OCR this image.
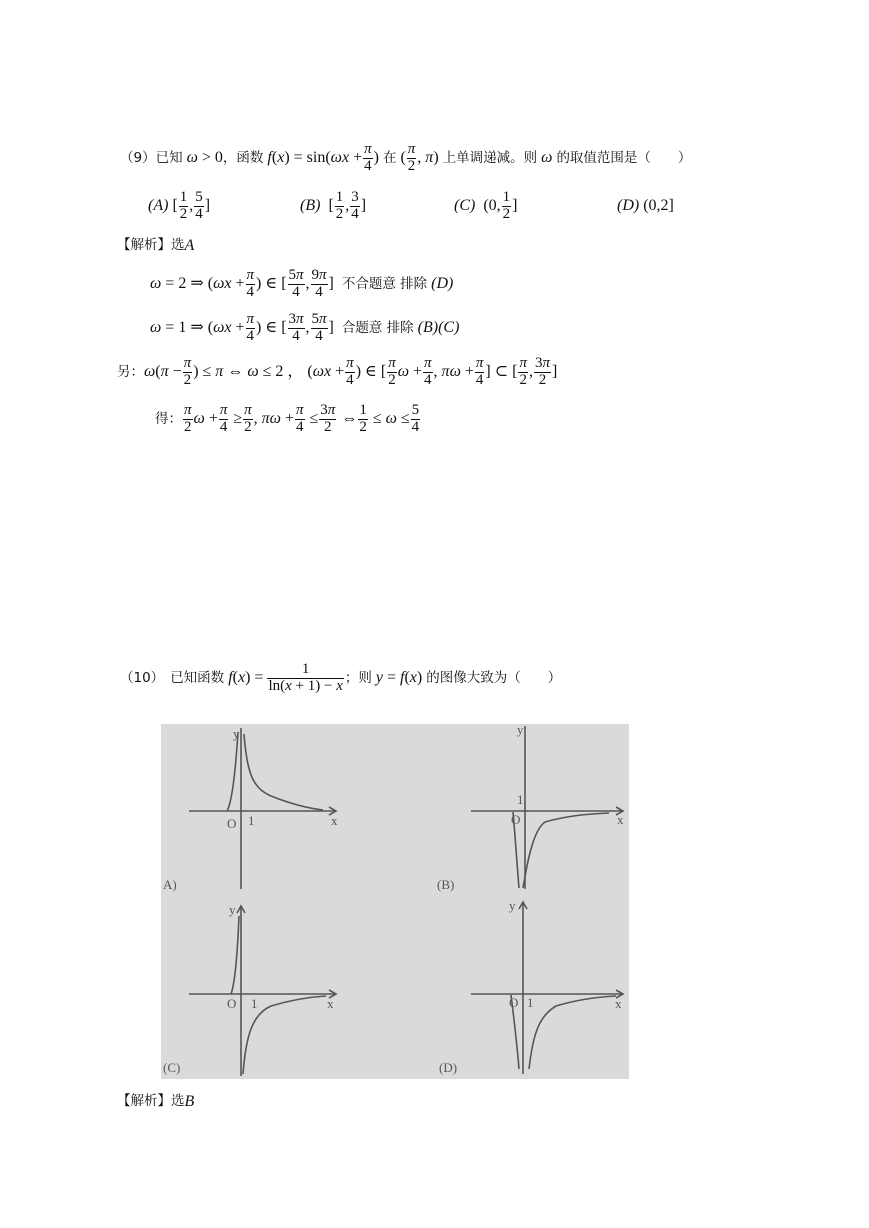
（9） 已知 ω > 0 ，函数 $f(x) = \sin(\omega x + \frac{\pi}{4}$ ) 在 ( $\frac{\pi}{2}$ , π) 上单调递减。则 ω 的取值范围是（　　）
(A) [ $\frac{1}{2}$ , $\frac{5}{4}$ ]	(B) [ $\frac{1}{2}$ , $\frac{3}{4}$ ]	(C) (0, $\frac{1}{2}$ ]	(D) (0,2]
【解析】选 A
ω = 2 ⇒ ($\omega x + \frac{\pi}{4}$ ) ∈ [ $\frac{5\pi}{4}$ , $\frac{9\pi}{4}$ ] 不合题意 排除 (D)
ω = 1 ⇒ ($\omega x + \frac{\pi}{4}$ ) ∈ [ $\frac{3\pi}{4}$ , $\frac{5\pi}{4}$ ] 合题意 排除 (B)(C)
另： $\omega(\pi - \frac{\pi}{2}$ ) ≤ π ⇔ ω ≤ 2 ， ($\omega x + \frac{\pi}{4}$ ) ∈ [ $\frac{\pi}{2}$ $\omega + \frac{\pi}{4}$ , $\pi\omega + \frac{\pi}{4}$ ] ⊂ [ $\frac{\pi}{2}$ , $\frac{3\pi}{2}$ ]
得： $\frac{\pi}{2}$ $\omega + \frac{\pi}{4} \ge \frac{\pi}{2}$ , $\pi\omega + \frac{\pi}{4} \le \frac{3\pi}{2}$ ⇔ $\frac{1}{2} \le \omega \le \frac{5}{4}$
（10） 已知函数 $f(x) = \frac{1}{\ln(x + 1) - x}$ ；则 y = f(x) 的图像大致为（　　）
y
x
O 1
A)
y
x
O
1
(B)
y
x
O 1
(C)
y
x
O 1
(D)
【解析】选 B
